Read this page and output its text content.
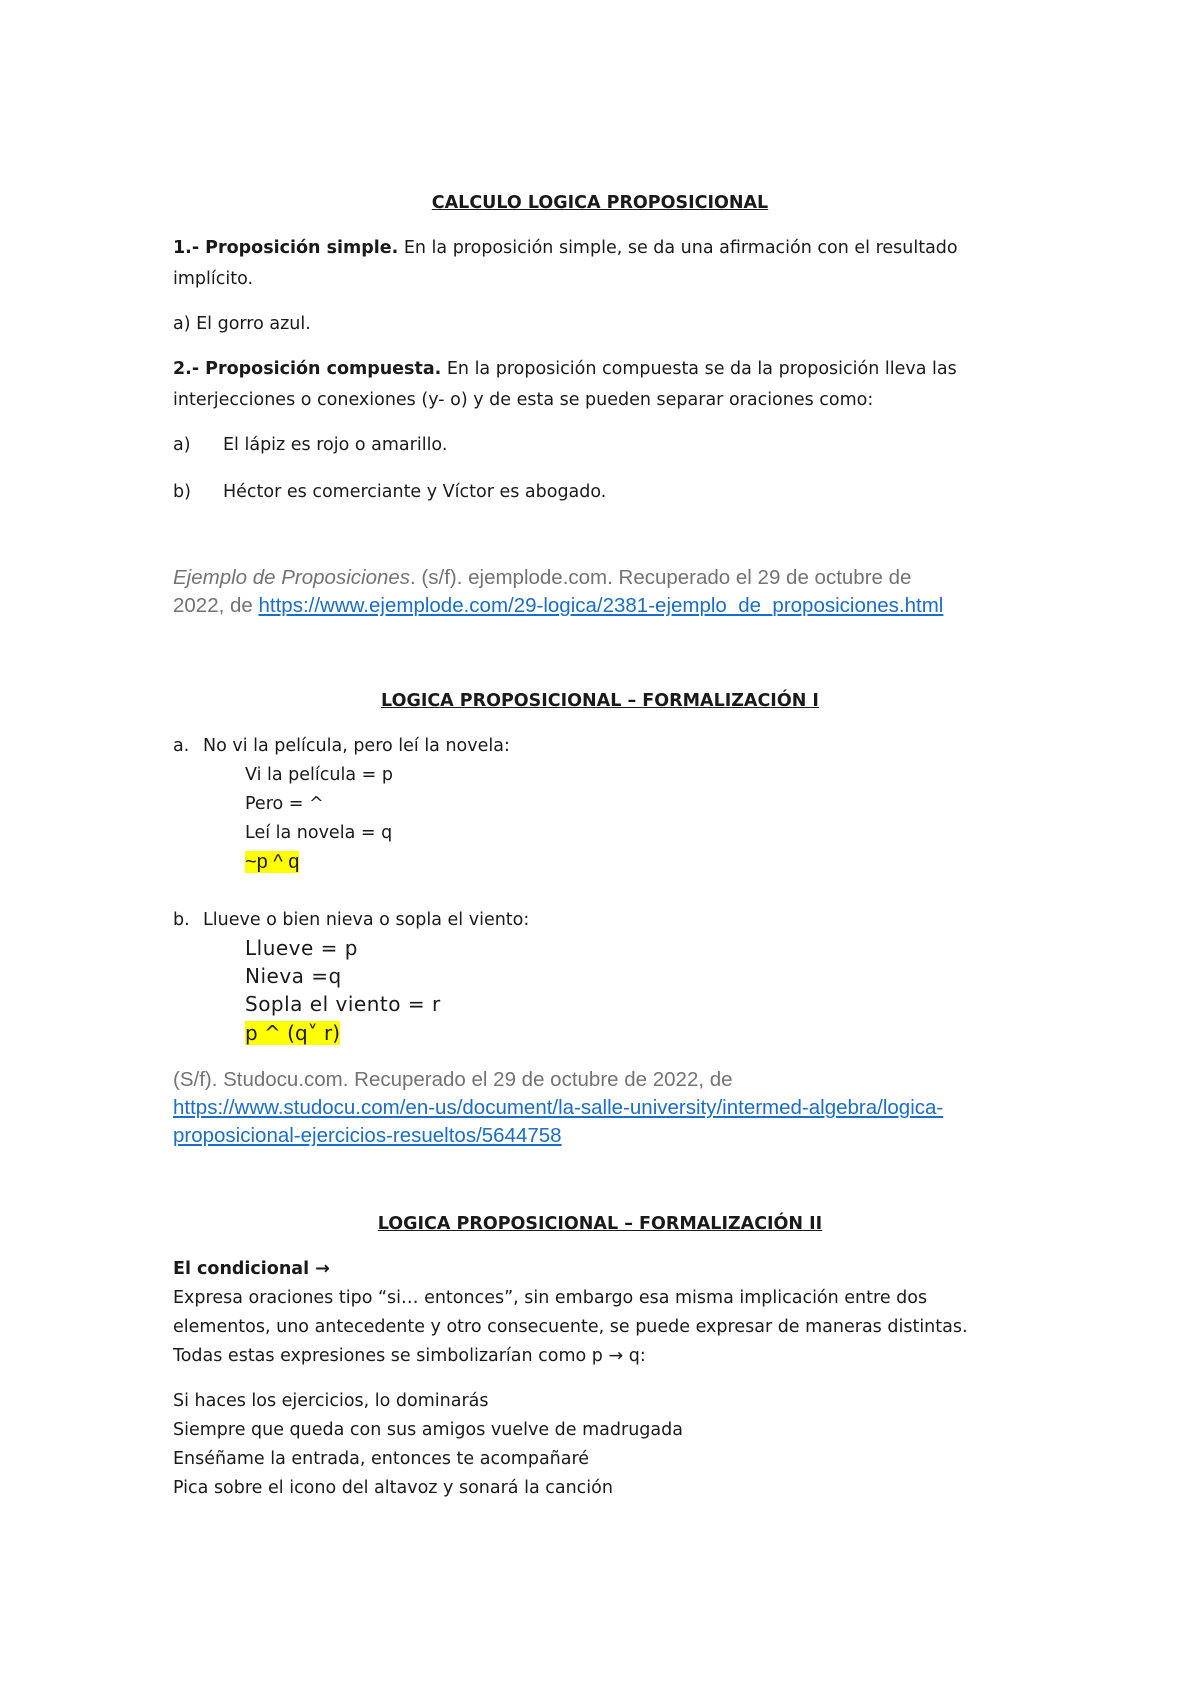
CALCULO LOGICA PROPOSICIONAL

1.- Proposición simple. En la proposición simple, se da una afirmación con el resultado

implícito.

a) El gorro azul.

2.- Proposición compuesta. En la proposición compuesta se da la proposición lleva las

interjecciones o conexiones (y- o) y de esta se pueden separar oraciones como:

a) El lápiz es rojo o amarillo.

b) Héctor es comerciante y Víctor es abogado.

Ejemplo de Proposiciones. (s/f). ejemplode.com. Recuperado el 29 de octubre de

2022, de https://www.ejemplode.com/29-logica/2381-ejemplo_de_proposiciones.html

LOGICA PROPOSICIONAL – FORMALIZACIÓN I

a. No vi la película, pero leí la novela:

Vi la película = p

Pero = ^

Leí la novela = q

~p ^ q

b. Llueve o bien nieva o sopla el viento:

Llueve = p

Nieva =q

Sopla el viento = r

p ^ (q˅ r)

(S/f). Studocu.com. Recuperado el 29 de octubre de 2022, de

https://www.studocu.com/en-us/document/la-salle-university/intermed-algebra/logica-

proposicional-ejercicios-resueltos/5644758

LOGICA PROPOSICIONAL – FORMALIZACIÓN II

El condicional →

Expresa oraciones tipo “si… entonces”, sin embargo esa misma implicación entre dos

elementos, uno antecedente y otro consecuente, se puede expresar de maneras distintas.

Todas estas expresiones se simbolizarían como p → q:

Si haces los ejercicios, lo dominarás

Siempre que queda con sus amigos vuelve de madrugada

Enséñame la entrada, entonces te acompañaré

Pica sobre el icono del altavoz y sonará la canción
